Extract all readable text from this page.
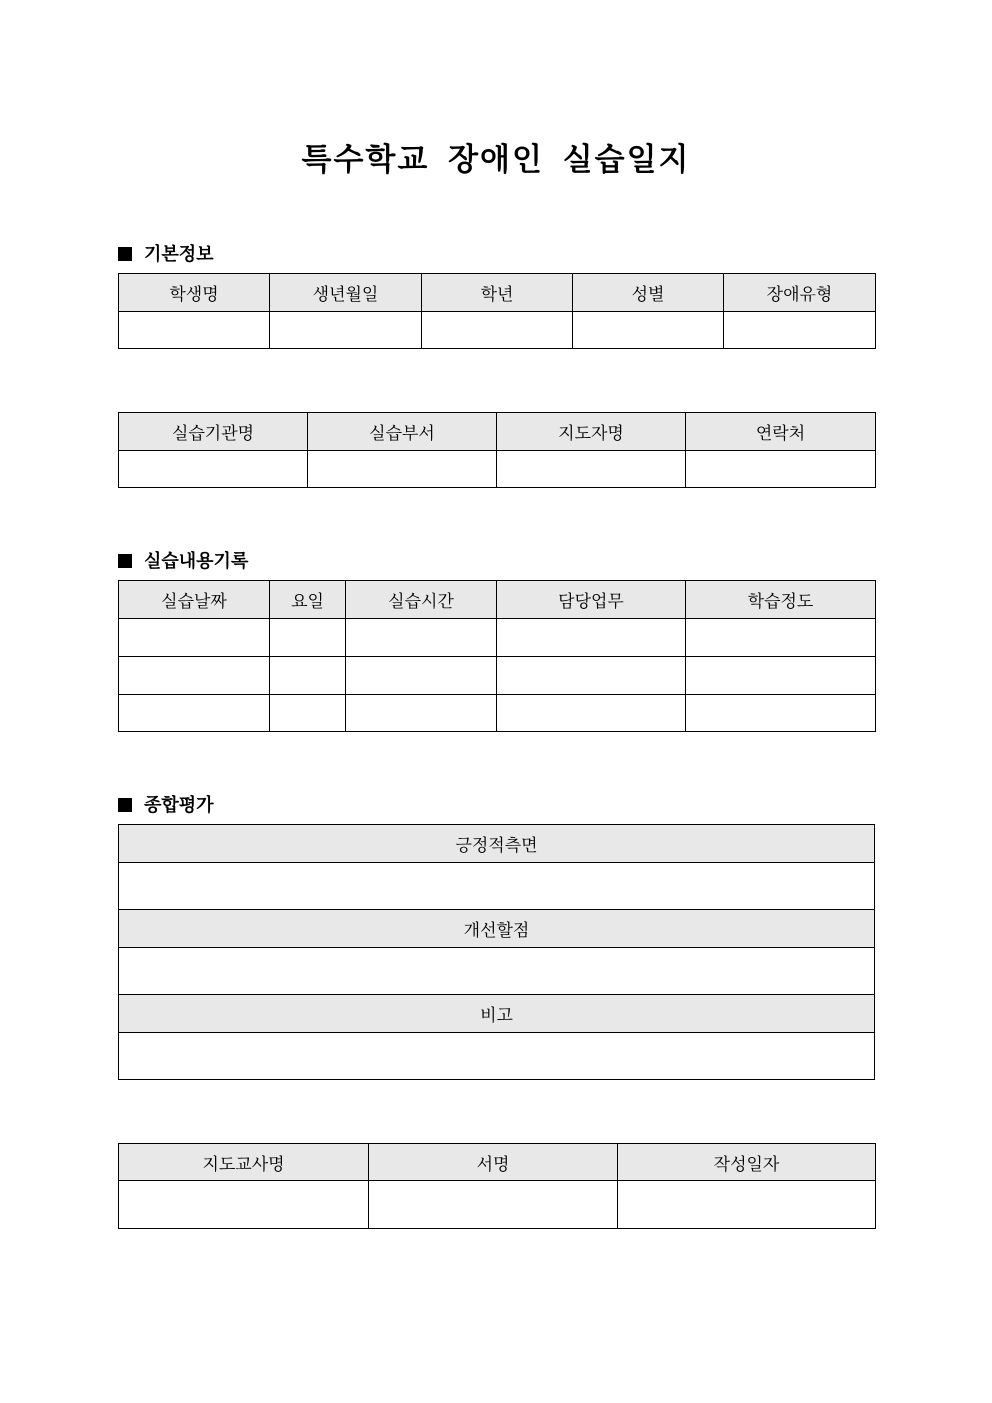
특수학교 장애인 실습일지
기본정보
학생명	생년월일	학년	성별	장애유형

실습기관명	실습부서	지도자명	연락처

실습내용기록
실습날짜	요일	실습시간	담당업무	학습정도

종합평가
긍정적측면

개선할점

비고

지도교사명	서명	작성일자
